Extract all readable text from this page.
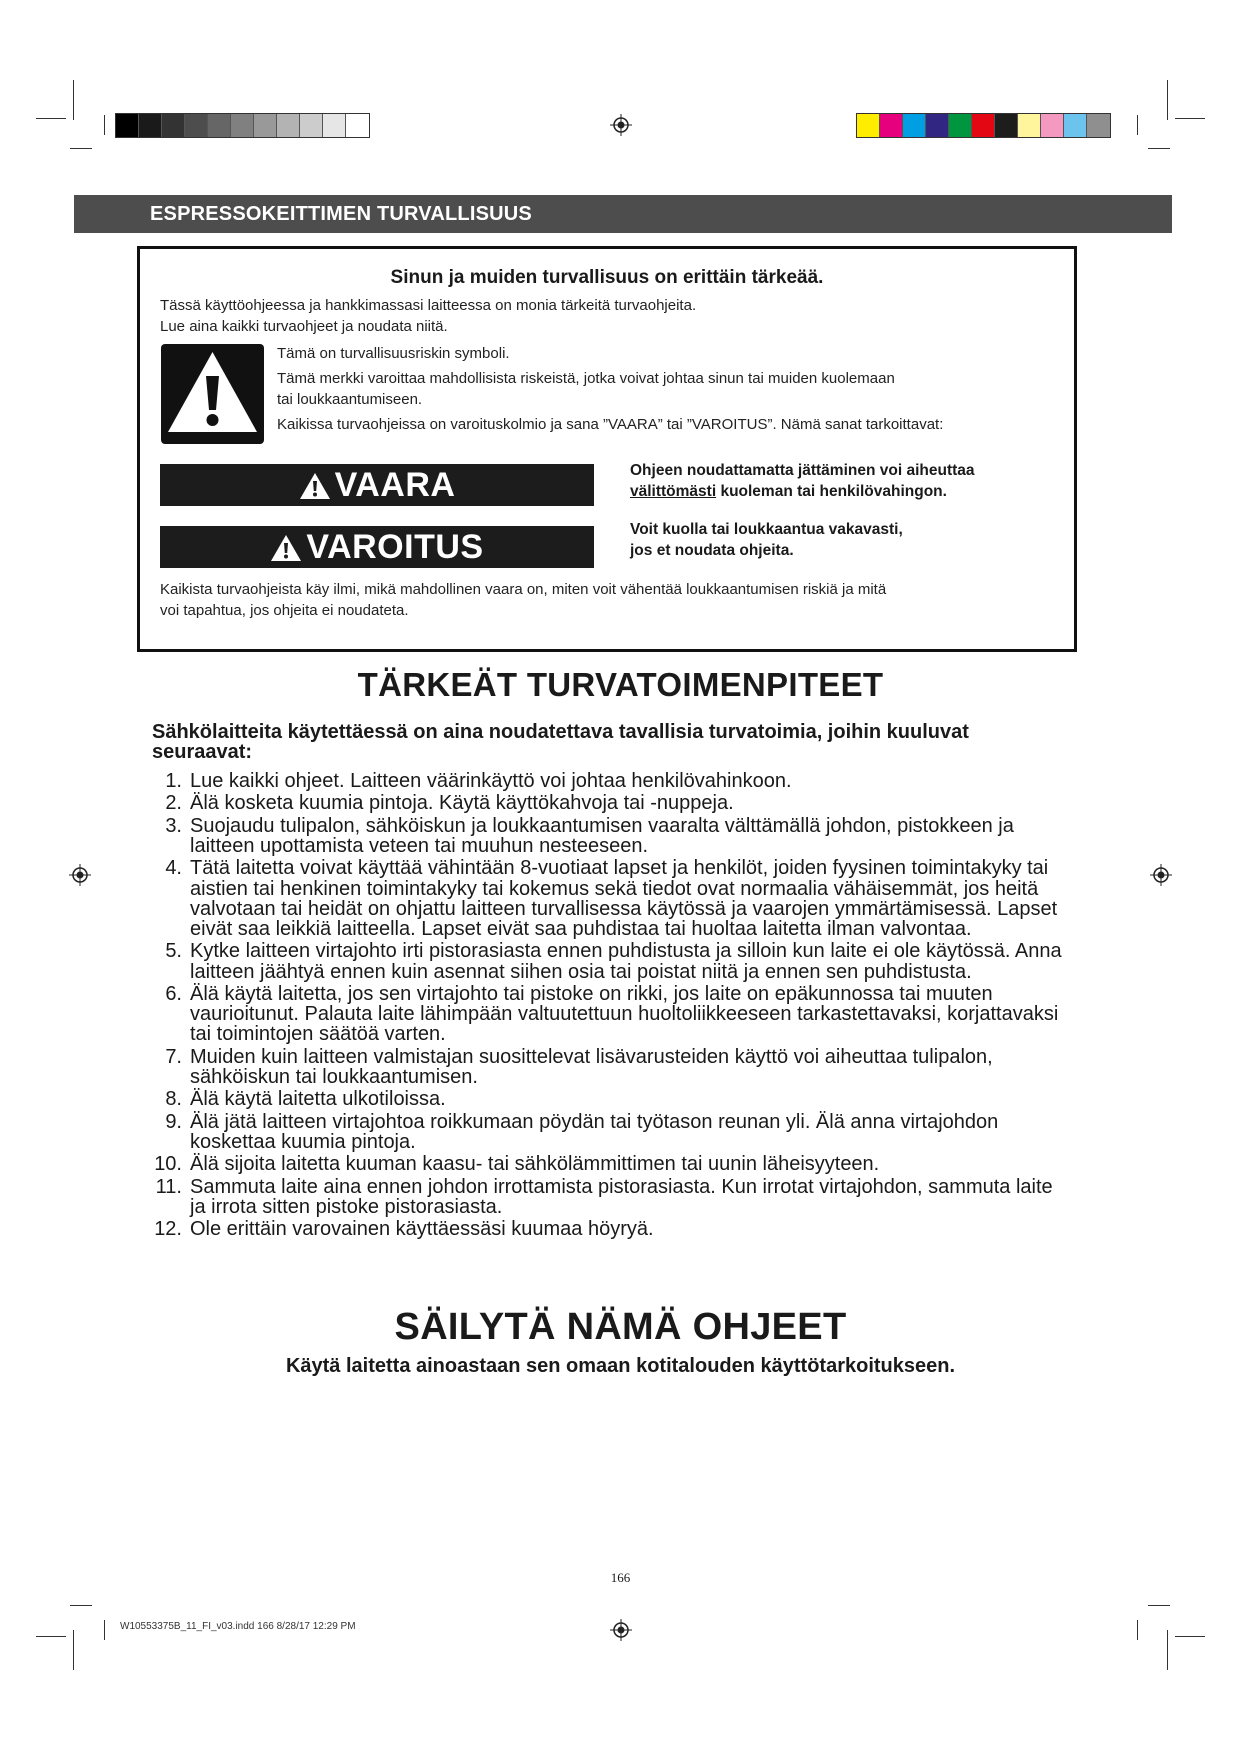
ESPRESSOKEITTIMEN TURVALLISUUS
Sinun ja muiden turvallisuus on erittäin tärkeää.
Tässä käyttöohjeessa ja hankkimassasi laitteessa on monia tärkeitä turvaohjeita.
Lue aina kaikki turvaohjeet ja noudata niitä.
Tämä on turvallisuusriskin symboli.
Tämä merkki varoittaa mahdollisista riskeistä, jotka voivat johtaa sinun tai muiden kuolemaan
tai loukkaantumiseen.
Kaikissa turvaohjeissa on varoituskolmio ja sana ”VAARA” tai ”VAROITUS”. Nämä sanat tarkoittavat:
VAARA	Ohjeen noudattamatta jättäminen voi aiheuttaa
välittömästi kuoleman tai henkilövahingon.
VAROITUS	Voit kuolla tai loukkaantua vakavasti,
jos et noudata ohjeita.
Kaikista turvaohjeista käy ilmi, mikä mahdollinen vaara on, miten voit vähentää loukkaantumisen riskiä ja mitä
voi tapahtua, jos ohjeita ei noudateta.
TÄRKEÄT TURVATOIMENPITEET
Sähkölaitteita käytettäessä on aina noudatettava tavallisia turvatoimia, joihin kuuluvat seuraavat:
1. Lue kaikki ohjeet. Laitteen väärinkäyttö voi johtaa henkilövahinkoon.
2. Älä kosketa kuumia pintoja. Käytä käyttökahvoja tai -nuppeja.
3. Suojaudu tulipalon, sähköiskun ja loukkaantumisen vaaralta välttämällä johdon, pistokkeen ja laitteen upottamista veteen tai muuhun nesteeseen.
4. Tätä laitetta voivat käyttää vähintään 8-vuotiaat lapset ja henkilöt, joiden fyysinen toimintakyky tai aistien tai henkinen toimintakyky tai kokemus sekä tiedot ovat normaalia vähäisemmät, jos heitä valvotaan tai heidät on ohjattu laitteen turvallisessa käytössä ja vaarojen ymmärtämisessä. Lapset eivät saa leikkiä laitteella. Lapset eivät saa puhdistaa tai huoltaa laitetta ilman valvontaa.
5. Kytke laitteen virtajohto irti pistorasiasta ennen puhdistusta ja silloin kun laite ei ole käytössä. Anna laitteen jäähtyä ennen kuin asennat siihen osia tai poistat niitä ja ennen sen puhdistusta.
6. Älä käytä laitetta, jos sen virtajohto tai pistoke on rikki, jos laite on epäkunnossa tai muuten vaurioitunut. Palauta laite lähimpään valtuutettuun huoltoliikkeeseen tarkastettavaksi, korjattavaksi tai toimintojen säätöä varten.
7. Muiden kuin laitteen valmistajan suosittelevat lisävarusteiden käyttö voi aiheuttaa tulipalon, sähköiskun tai loukkaantumisen.
8. Älä käytä laitetta ulkotiloissa.
9. Älä jätä laitteen virtajohtoa roikkumaan pöydän tai työtason reunan yli. Älä anna virtajohdon koskettaa kuumia pintoja.
10. Älä sijoita laitetta kuuman kaasu- tai sähkölämmittimen tai uunin läheisyyteen.
11. Sammuta laite aina ennen johdon irrottamista pistorasiasta. Kun irrotat virtajohdon, sammuta laite ja irrota sitten pistoke pistorasiasta.
12. Ole erittäin varovainen käyttäessäsi kuumaa höyryä.
SÄILYTÄ NÄMÄ OHJEET
Käytä laitetta ainoastaan sen omaan kotitalouden käyttötarkoitukseen.
166
W10553375B_11_FI_v03.indd 166 8/28/17 12:29 PM
